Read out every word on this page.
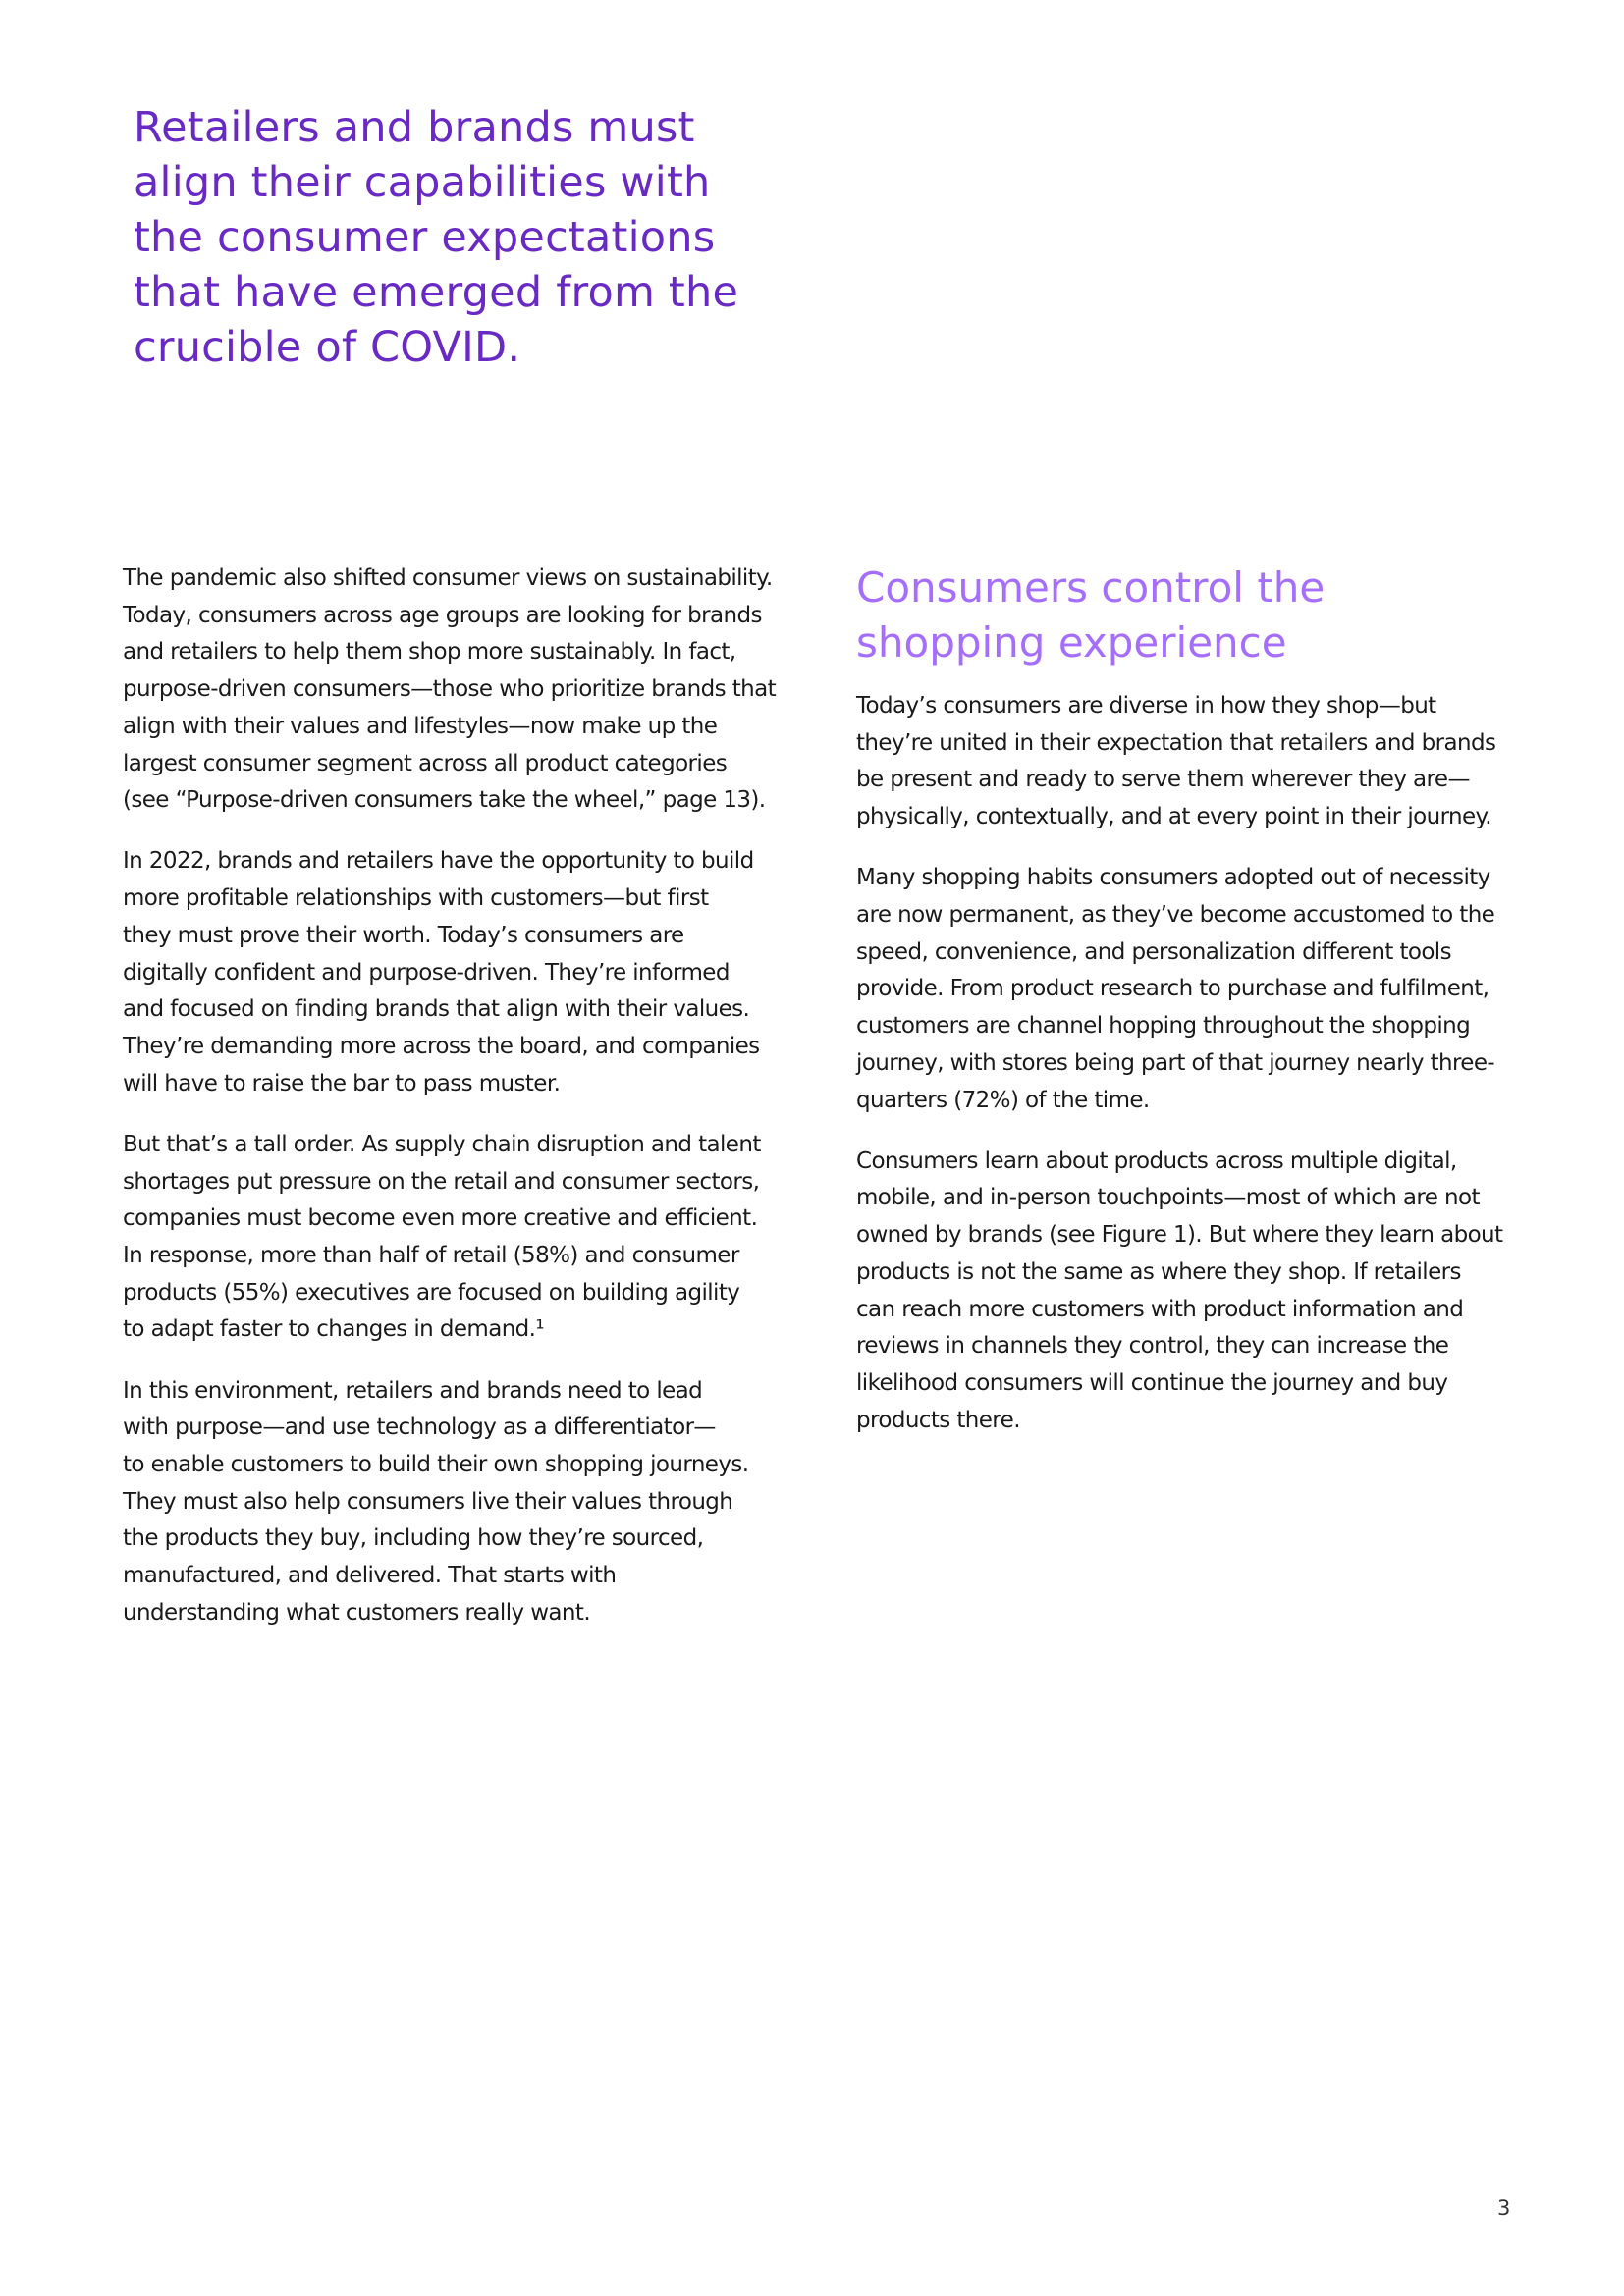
Retailers and brands must
align their capabilities with
the consumer expectations
that have emerged from the
crucible of COVID.

The pandemic also shifted consumer views on sustainability.
Today, consumers across age groups are looking for brands
and retailers to help them shop more sustainably. In fact,
purpose-driven consumers—those who prioritize brands that
align with their values and lifestyles—now make up the
largest consumer segment across all product categories
(see “Purpose-driven consumers take the wheel,” page 13).

In 2022, brands and retailers have the opportunity to build
more profitable relationships with customers—but first
they must prove their worth. Today’s consumers are
digitally confident and purpose-driven. They’re informed
and focused on finding brands that align with their values.
They’re demanding more across the board, and companies
will have to raise the bar to pass muster.

But that’s a tall order. As supply chain disruption and talent
shortages put pressure on the retail and consumer sectors,
companies must become even more creative and efficient.
In response, more than half of retail (58%) and consumer
products (55%) executives are focused on building agility
to adapt faster to changes in demand.¹

In this environment, retailers and brands need to lead
with purpose—and use technology as a differentiator—
to enable customers to build their own shopping journeys.
They must also help consumers live their values through
the products they buy, including how they’re sourced,
manufactured, and delivered. That starts with
understanding what customers really want.

Consumers control the
shopping experience

Today’s consumers are diverse in how they shop—but
they’re united in their expectation that retailers and brands
be present and ready to serve them wherever they are—
physically, contextually, and at every point in their journey.

Many shopping habits consumers adopted out of necessity
are now permanent, as they’ve become accustomed to the
speed, convenience, and personalization different tools
provide. From product research to purchase and fulfilment,
customers are channel hopping throughout the shopping
journey, with stores being part of that journey nearly three-
quarters (72%) of the time.

Consumers learn about products across multiple digital,
mobile, and in-person touchpoints—most of which are not
owned by brands (see Figure 1). But where they learn about
products is not the same as where they shop. If retailers
can reach more customers with product information and
reviews in channels they control, they can increase the
likelihood consumers will continue the journey and buy
products there.

3
